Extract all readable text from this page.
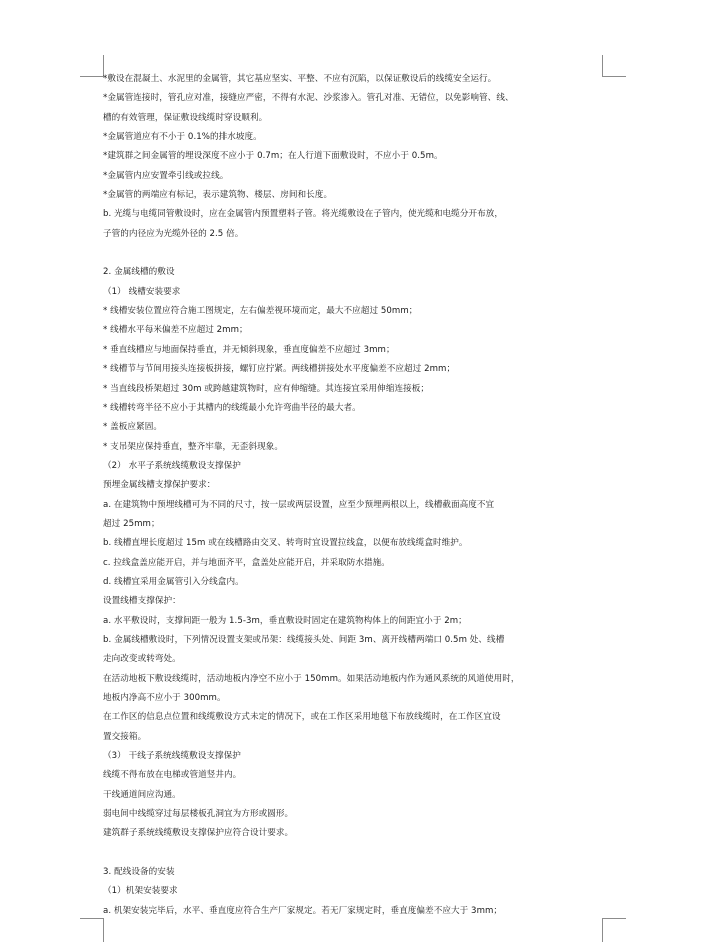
*敷设在混凝土、水泥里的金属管，其它基应坚实、平整、不应有沉陷，以保证敷设后的线缆安全运行。
*金属管连接时，管孔应对准，接缝应严密，不得有水泥、沙浆渗入。管孔对准、无错位，以免影响管、线、
槽的有效管理，保证敷设线缆时穿设顺利。
*金属管道应有不小于 0.1%的排水坡度。
*建筑群之间金属管的埋设深度不应小于 0.7m；在人行道下面敷设时，不应小于 0.5m。
*金属管内应安置牵引线或拉线。
*金属管的两端应有标记，表示建筑物、楼层、房间和长度。
b. 光缆与电缆同管敷设时，应在金属管内预置塑料子管。将光缆敷设在子管内，使光缆和电缆分开布放，
子管的内径应为光缆外径的 2.5 倍。
2. 金属线槽的敷设
（1） 线槽安装要求
* 线槽安装位置应符合施工图规定，左右偏差视环境而定，最大不应超过 50mm；
* 线槽水平每米偏差不应超过 2mm；
* 垂直线槽应与地面保持垂直，并无倾斜现象，垂直度偏差不应超过 3mm；
* 线槽节与节间用接头连接板拼接，螺钉应拧紧。两线槽拼接处水平度偏差不应超过 2mm；
* 当直线段桥架超过 30m 或跨越建筑物时，应有伸缩缝。其连接宜采用伸缩连接板；
* 线槽转弯半径不应小于其槽内的线缆最小允许弯曲半径的最大者。
* 盖板应紧固。
* 支吊架应保持垂直，整齐牢靠，无歪斜现象。
（2） 水平子系统线缆敷设支撑保护
预埋金属线槽支撑保护要求：
a. 在建筑物中预埋线槽可为不同的尺寸，按一层或两层设置，应至少预埋两根以上，线槽截面高度不宜
超过 25mm；
b. 线槽直埋长度超过 15m 或在线槽路由交叉、转弯时宜设置拉线盒，以便布放线缆盒时维护。
c. 拉线盒盖应能开启，并与地面齐平，盒盖处应能开启，并采取防水措施。
d. 线槽宜采用金属管引入分线盒内。
设置线槽支撑保护：
a. 水平敷设时，支撑间距一般为 1.5-3m，垂直敷设时固定在建筑物构体上的间距宜小于 2m；
b. 金属线槽敷设时，下列情况设置支架或吊架：线缆接头处、间距 3m、离开线槽两端口 0.5m 处、线槽
走向改变或转弯处。
在活动地板下敷设线缆时，活动地板内净空不应小于 150mm。如果活动地板内作为通风系统的风道使用时，
地板内净高不应小于 300mm。
在工作区的信息点位置和线缆敷设方式未定的情况下，或在工作区采用地毯下布放线缆时，在工作区宜设
置交接箱。
（3） 干线子系统线缆敷设支撑保护
线缆不得布放在电梯或管道竖井内。
干线通道间应沟通。
弱电间中线缆穿过每层楼板孔洞宜为方形或圆形。
建筑群子系统线缆敷设支撑保护应符合设计要求。
3. 配线设备的安装
（1）机架安装要求
a. 机架安装完毕后，水平、垂直度应符合生产厂家规定。若无厂家规定时，垂直度偏差不应大于 3mm；
